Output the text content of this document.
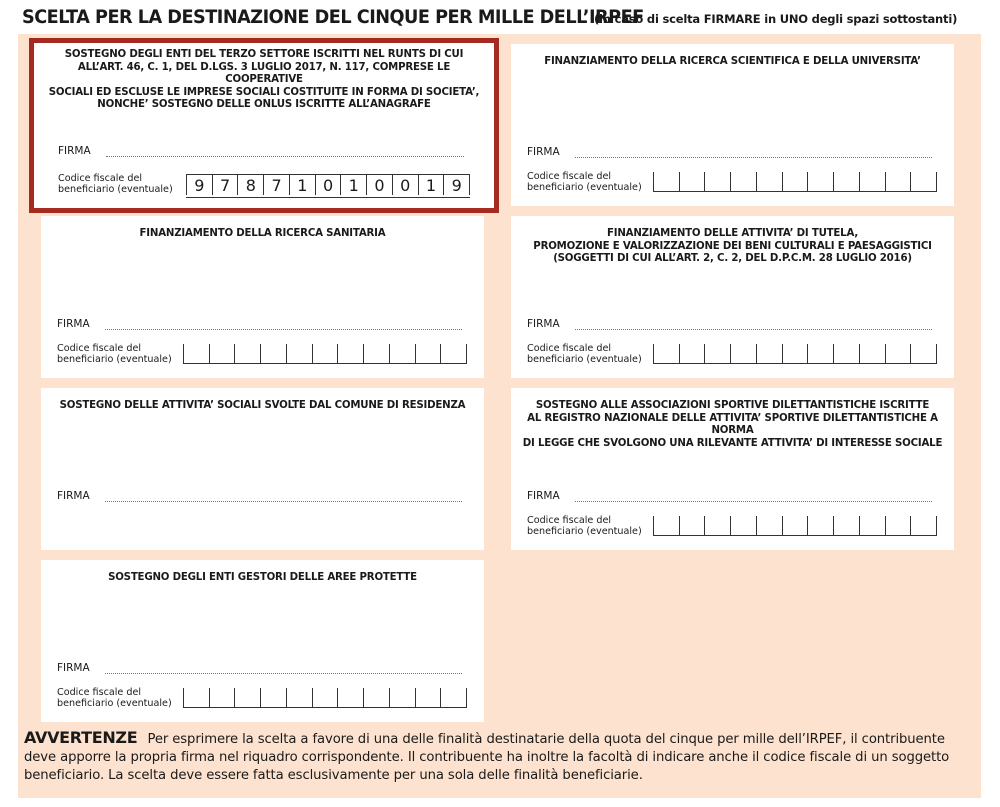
SCELTA PER LA DESTINAZIONE DEL CINQUE PER MILLE DELL’IRPEF
(in caso di scelta FIRMARE in UNO degli spazi sottostanti)
SOSTEGNO DEGLI ENTI DEL TERZO SETTORE ISCRITTI NEL RUNTS DI CUI
ALL’ART. 46, C. 1, DEL D.LGS. 3 LUGLIO 2017, N. 117, COMPRESE LE COOPERATIVE
SOCIALI ED ESCLUSE LE IMPRESE SOCIALI COSTITUITE IN FORMA DI SOCIETA’,
NONCHE’ SOSTEGNO DELLE ONLUS ISCRITTE ALL’ANAGRAFE
FIRMA
Codice fiscale del
beneficiario (eventuale)	9 7 8 7 1 0 1 0 0 1 9
FINANZIAMENTO DELLA RICERCA SCIENTIFICA E DELLA UNIVERSITA’
FIRMA
Codice fiscale del
beneficiario (eventuale)
FINANZIAMENTO DELLA RICERCA SANITARIA
FIRMA
Codice fiscale del
beneficiario (eventuale)
FINANZIAMENTO DELLE ATTIVITA’ DI TUTELA,
PROMOZIONE E VALORIZZAZIONE DEI BENI CULTURALI E PAESAGGISTICI
(SOGGETTI DI CUI ALL’ART. 2, C. 2, DEL D.P.C.M. 28 LUGLIO 2016)
FIRMA
Codice fiscale del
beneficiario (eventuale)
SOSTEGNO DELLE ATTIVITA’ SOCIALI SVOLTE DAL COMUNE DI RESIDENZA
FIRMA
SOSTEGNO ALLE ASSOCIAZIONI SPORTIVE DILETTANTISTICHE ISCRITTE
AL REGISTRO NAZIONALE DELLE ATTIVITA’ SPORTIVE DILETTANTISTICHE A NORMA
DI LEGGE CHE SVOLGONO UNA RILEVANTE ATTIVITA’ DI INTERESSE SOCIALE
FIRMA
Codice fiscale del
beneficiario (eventuale)
SOSTEGNO DEGLI ENTI GESTORI DELLE AREE PROTETTE
FIRMA
Codice fiscale del
beneficiario (eventuale)
AVVERTENZE Per esprimere la scelta a favore di una delle finalità destinatarie della quota del cinque per mille dell’IRPEF, il contribuente deve apporre la propria firma nel riquadro corrispondente. Il contribuente ha inoltre la facoltà di indicare anche il codice fiscale di un soggetto beneficiario. La scelta deve essere fatta esclusivamente per una sola delle finalità beneficiarie.
